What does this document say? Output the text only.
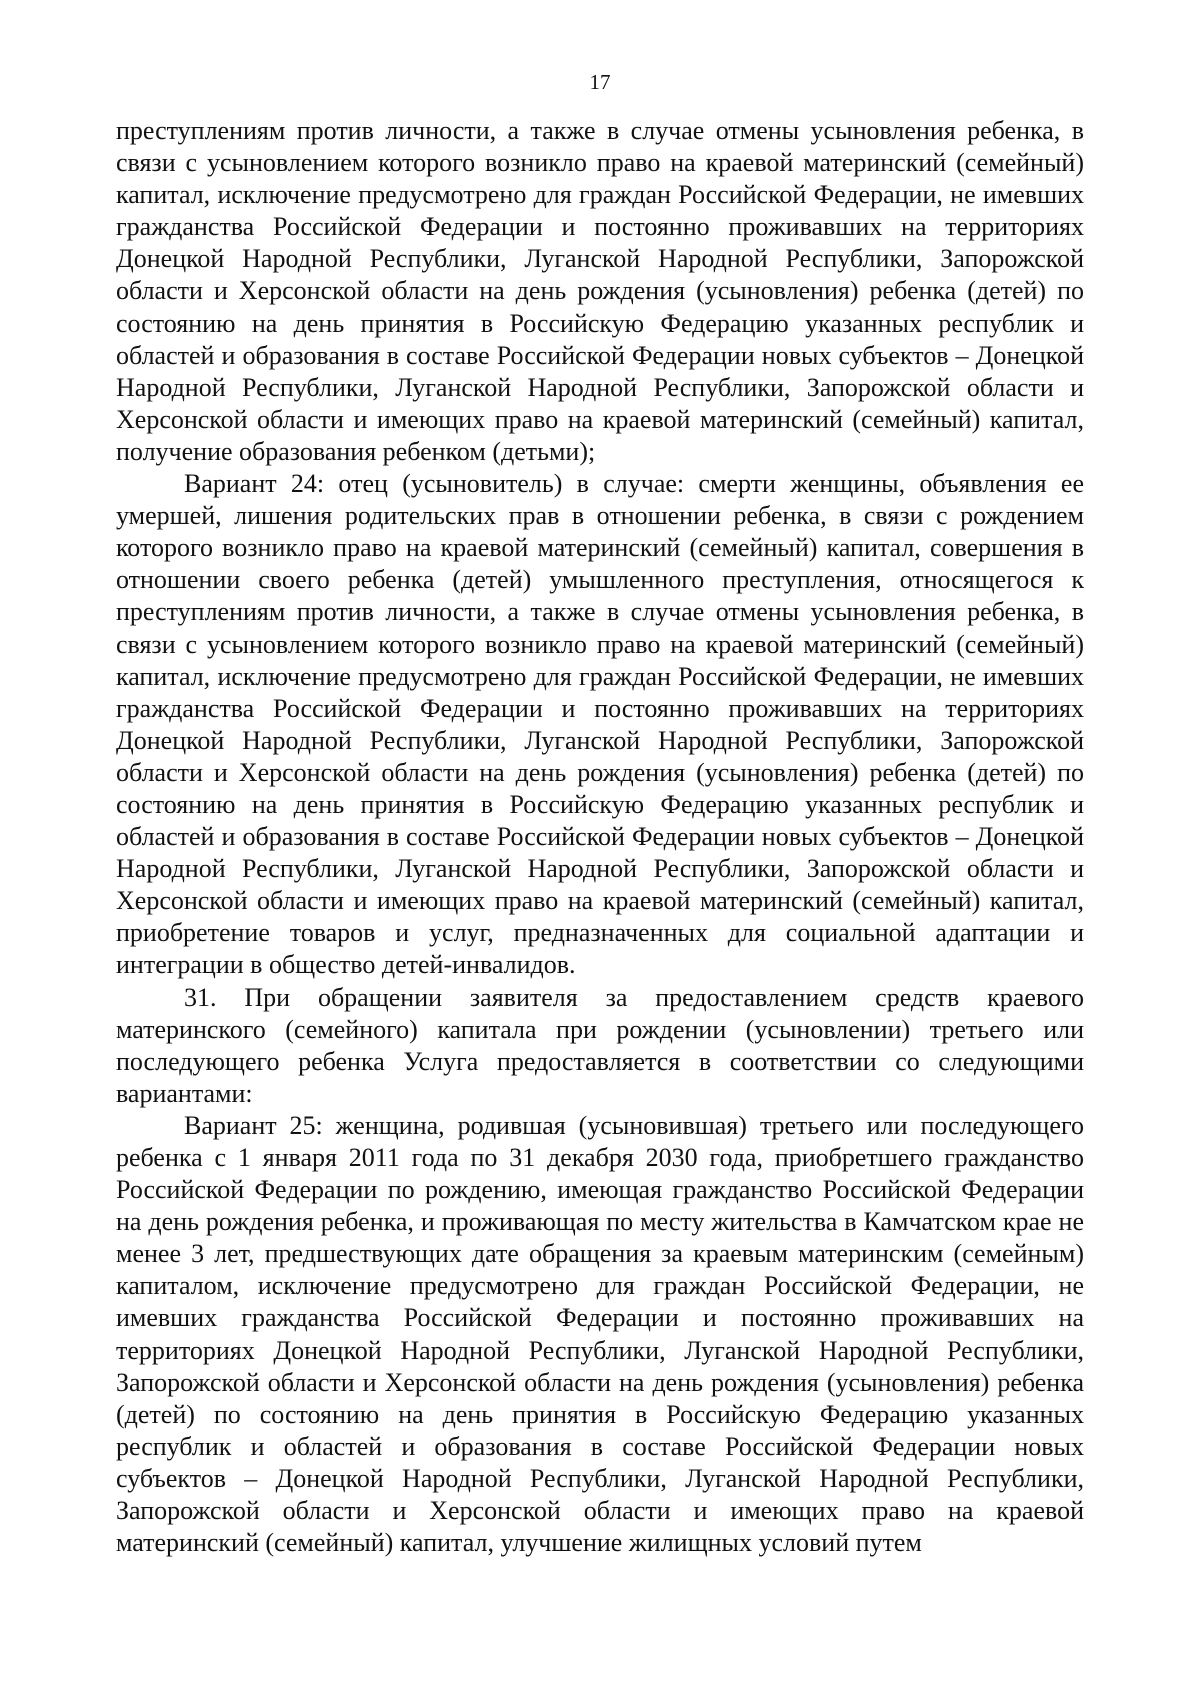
17

преступлениям против личности, а также в случае отмены усыновления ребенка, в связи с усыновлением которого возникло право на краевой материнский (семейный) капитал, исключение предусмотрено для граждан Российской Федерации, не имевших гражданства Российской Федерации и постоянно проживавших на территориях Донецкой Народной Республики, Луганской Народной Республики, Запорожской области и Херсонской области на день рождения (усыновления) ребенка (детей) по состоянию на день принятия в Российскую Федерацию указанных республик и областей и образования в составе Российской Федерации новых субъектов – Донецкой Народной Республики, Луганской Народной Республики, Запорожской области и Херсонской области и имеющих право на краевой материнский (семейный) капитал, получение образования ребенком (детьми);

Вариант 24: отец (усыновитель) в случае: смерти женщины, объявления ее умершей, лишения родительских прав в отношении ребенка, в связи с рождением которого возникло право на краевой материнский (семейный) капитал, совершения в отношении своего ребенка (детей) умышленного преступления, относящегося к преступлениям против личности, а также в случае отмены усыновления ребенка, в связи с усыновлением которого возникло право на краевой материнский (семейный) капитал, исключение предусмотрено для граждан Российской Федерации, не имевших гражданства Российской Федерации и постоянно проживавших на территориях Донецкой Народной Республики, Луганской Народной Республики, Запорожской области и Херсонской области на день рождения (усыновления) ребенка (детей) по состоянию на день принятия в Российскую Федерацию указанных республик и областей и образования в составе Российской Федерации новых субъектов – Донецкой Народной Республики, Луганской Народной Республики, Запорожской области и Херсонской области и имеющих право на краевой материнский (семейный) капитал, приобретение товаров и услуг, предназначенных для социальной адаптации и интеграции в общество детей-инвалидов.

31. При обращении заявителя за предоставлением средств краевого материнского (семейного) капитала при рождении (усыновлении) третьего или последующего ребенка Услуга предоставляется в соответствии со следующими вариантами:

Вариант 25: женщина, родившая (усыновившая) третьего или последующего ребенка с 1 января 2011 года по 31 декабря 2030 года, приобретшего гражданство Российской Федерации по рождению, имеющая гражданство Российской Федерации на день рождения ребенка, и проживающая по месту жительства в Камчатском крае не менее 3 лет, предшествующих дате обращения за краевым материнским (семейным) капиталом, исключение предусмотрено для граждан Российской Федерации, не имевших гражданства Российской Федерации и постоянно проживавших на территориях Донецкой Народной Республики, Луганской Народной Республики, Запорожской области и Херсонской области на день рождения (усыновления) ребенка (детей) по состоянию на день принятия в Российскую Федерацию указанных республик и областей и образования в составе Российской Федерации новых субъектов – Донецкой Народной Республики, Луганской Народной Республики, Запорожской области и Херсонской области и имеющих право на краевой материнский (семейный) капитал, улучшение жилищных условий путем
